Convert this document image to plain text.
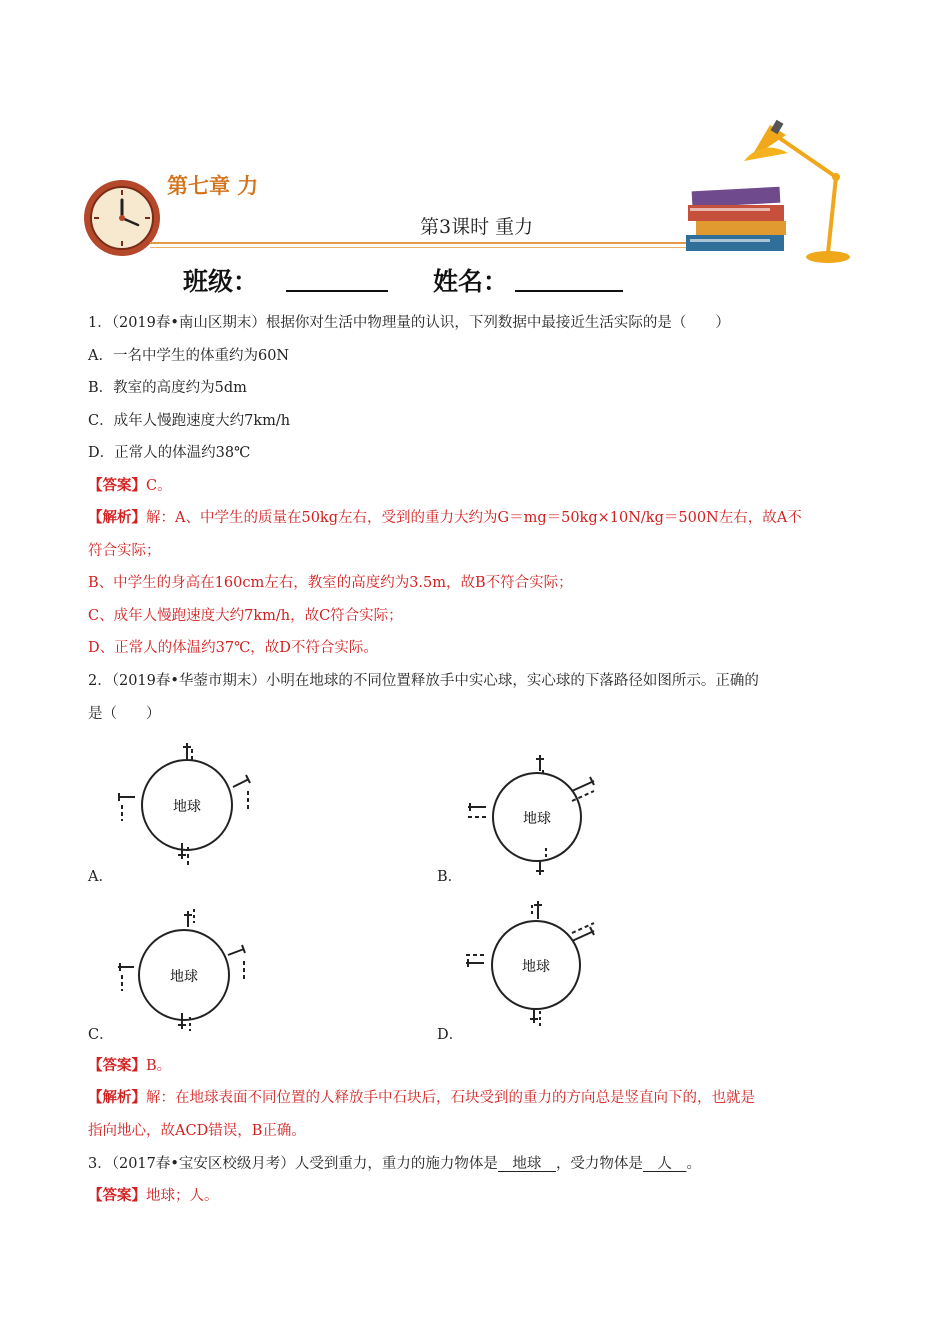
第七章 力
第3课时 重力
班级：	姓名：
1．（2019春•南山区期末）根据你对生活中物理量的认识，下列数据中最接近生活实际的是（　　）
A．一名中学生的体重约为60N
B．教室的高度约为5dm
C．成年人慢跑速度大约7km/h
D．正常人的体温约38℃
【答案】C。
【解析】解：A、中学生的质量在50kg左右，受到的重力大约为G＝mg＝50kg×10N/kg＝500N左右，故A不
符合实际；
B、中学生的身高在160cm左右，教室的高度约为3.5m，故B不符合实际；
C、成年人慢跑速度大约7km/h，故C符合实际；
D、正常人的体温约37℃，故D不符合实际。
2．（2019春•华蓥市期末）小明在地球的不同位置释放手中实心球，实心球的下落路径如图所示。正确的
是（　　）
地球
A．
地球
B．
地球
C．
地球
D．
【答案】B。
【解析】解：在地球表面不同位置的人释放手中石块后，石块受到的重力的方向总是竖直向下的，也就是
指向地心，故ACD错误，B正确。
3．（2017春•宝安区校级月考）人受到重力，重力的施力物体是　地球　，受力物体是　人　。
【答案】地球；人。
